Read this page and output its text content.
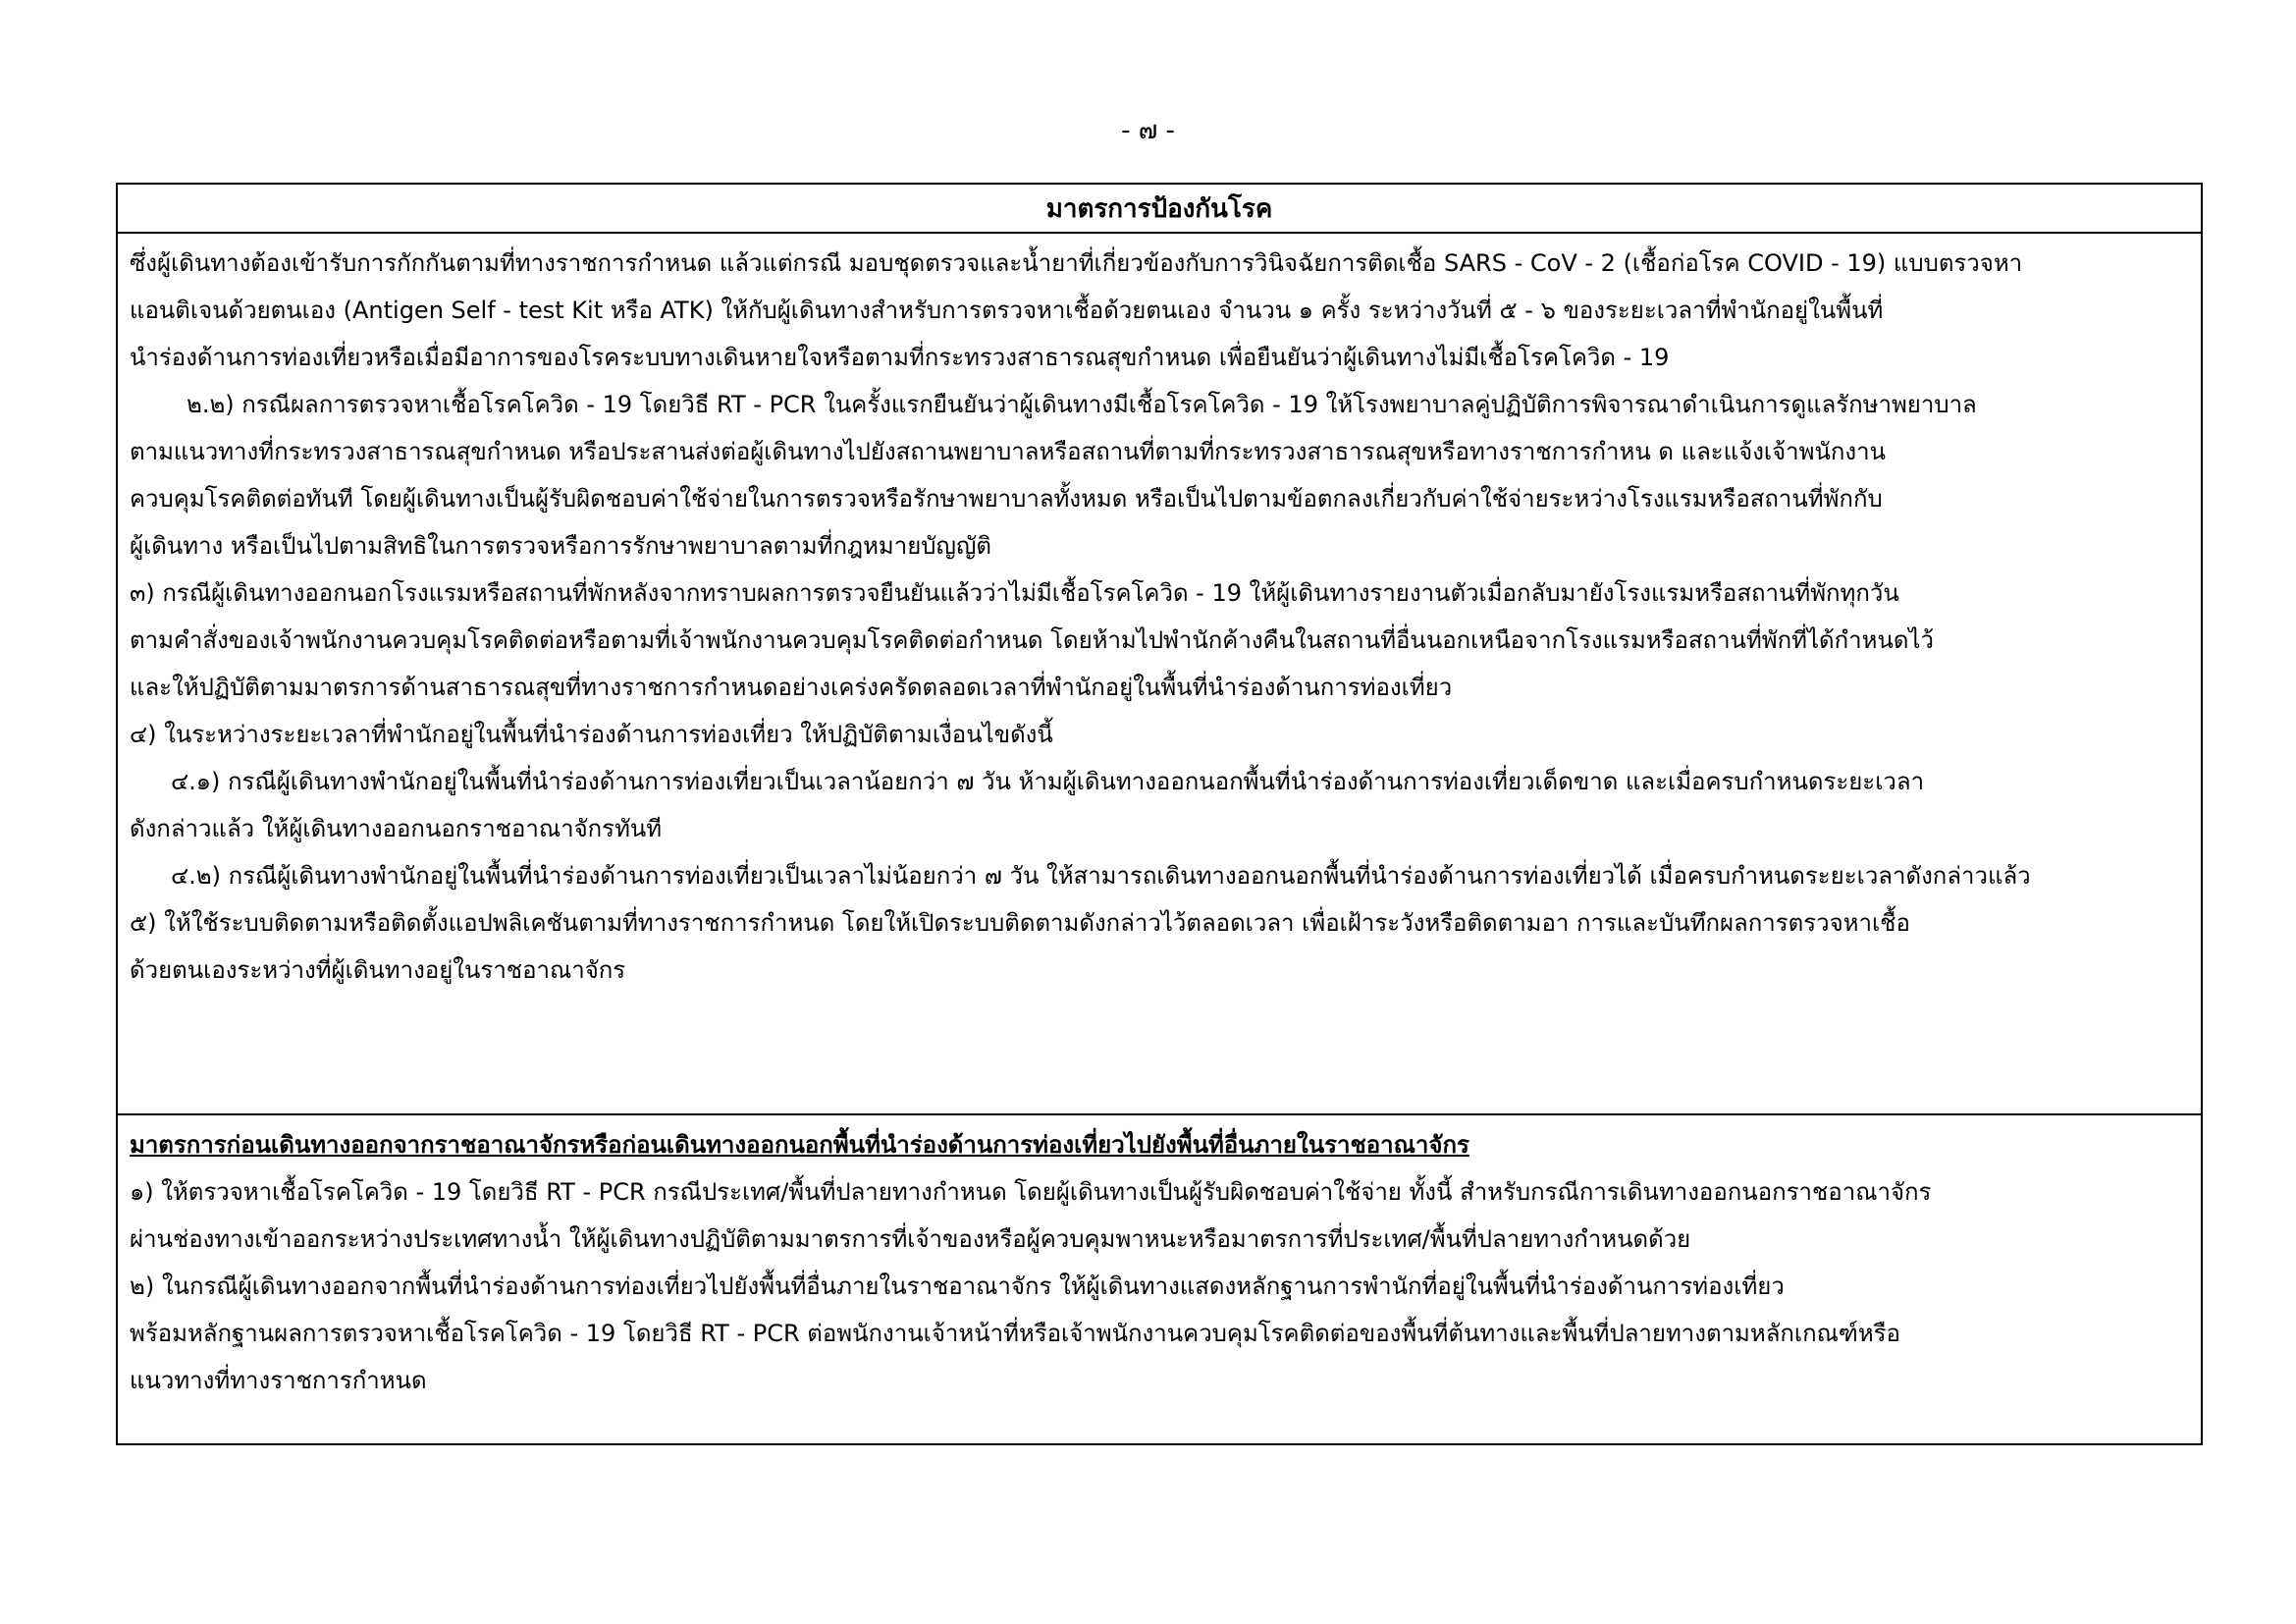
- ๗ -
มาตรการป้องกันโรค
ซึ่งผู้เดินทางต้องเข้ารับการกักกันตามที่ทางราชการกำหนด แล้วแต่กรณี มอบชุดตรวจและน้ำยาที่เกี่ยวข้องกับการวินิจฉัยการติดเชื้อ SARS - CoV - 2 (เชื้อก่อโรค COVID - 19) แบบตรวจหา
แอนติเจนด้วยตนเอง (Antigen Self - test Kit หรือ ATK) ให้กับผู้เดินทางสำหรับการตรวจหาเชื้อด้วยตนเอง จำนวน ๑ ครั้ง ระหว่างวันที่ ๕ - ๖ ของระยะเวลาที่พำนักอยู่ในพื้นที่
นำร่องด้านการท่องเที่ยวหรือเมื่อมีอาการของโรคระบบทางเดินหายใจหรือตามที่กระทรวงสาธารณสุขกำหนด เพื่อยืนยันว่าผู้เดินทางไม่มีเชื้อโรคโควิด - 19
๒.๒) กรณีผลการตรวจหาเชื้อโรคโควิด - 19 โดยวิธี RT - PCR ในครั้งแรกยืนยันว่าผู้เดินทางมีเชื้อโรคโควิด - 19 ให้โรงพยาบาลคู่ปฏิบัติการพิจารณาดำเนินการดูแลรักษาพยาบาล
ตามแนวทางที่กระทรวงสาธารณสุขกำหนด หรือประสานส่งต่อผู้เดินทางไปยังสถานพยาบาลหรือสถานที่ตามที่กระทรวงสาธารณสุขหรือทางราชการกำหน ด และแจ้งเจ้าพนักงาน
ควบคุมโรคติดต่อทันที โดยผู้เดินทางเป็นผู้รับผิดชอบค่าใช้จ่ายในการตรวจหรือรักษาพยาบาลทั้งหมด หรือเป็นไปตามข้อตกลงเกี่ยวกับค่าใช้จ่ายระหว่างโรงแรมหรือสถานที่พักกับ
ผู้เดินทาง หรือเป็นไปตามสิทธิในการตรวจหรือการรักษาพยาบาลตามที่กฎหมายบัญญัติ
๓) กรณีผู้เดินทางออกนอกโรงแรมหรือสถานที่พักหลังจากทราบผลการตรวจยืนยันแล้วว่าไม่มีเชื้อโรคโควิด - 19 ให้ผู้เดินทางรายงานตัวเมื่อกลับมายังโรงแรมหรือสถานที่พักทุกวัน
ตามคำสั่งของเจ้าพนักงานควบคุมโรคติดต่อหรือตามที่เจ้าพนักงานควบคุมโรคติดต่อกำหนด โดยห้ามไปพำนักค้างคืนในสถานที่อื่นนอกเหนือจากโรงแรมหรือสถานที่พักที่ได้กำหนดไว้
และให้ปฏิบัติตามมาตรการด้านสาธารณสุขที่ทางราชการกำหนดอย่างเคร่งครัดตลอดเวลาที่พำนักอยู่ในพื้นที่นำร่องด้านการท่องเที่ยว
๔) ในระหว่างระยะเวลาที่พำนักอยู่ในพื้นที่นำร่องด้านการท่องเที่ยว ให้ปฏิบัติตามเงื่อนไขดังนี้
๔.๑) กรณีผู้เดินทางพำนักอยู่ในพื้นที่นำร่องด้านการท่องเที่ยวเป็นเวลาน้อยกว่า ๗ วัน ห้ามผู้เดินทางออกนอกพื้นที่นำร่องด้านการท่องเที่ยวเด็ดขาด และเมื่อครบกำหนดระยะเวลา
ดังกล่าวแล้ว ให้ผู้เดินทางออกนอกราชอาณาจักรทันที
๔.๒) กรณีผู้เดินทางพำนักอยู่ในพื้นที่นำร่องด้านการท่องเที่ยวเป็นเวลาไม่น้อยกว่า ๗ วัน ให้สามารถเดินทางออกนอกพื้นที่นำร่องด้านการท่องเที่ยวได้ เมื่อครบกำหนดระยะเวลาดังกล่าวแล้ว
๕) ให้ใช้ระบบติดตามหรือติดตั้งแอปพลิเคชันตามที่ทางราชการกำหนด โดยให้เปิดระบบติดตามดังกล่าวไว้ตลอดเวลา เพื่อเฝ้าระวังหรือติดตามอา การและบันทึกผลการตรวจหาเชื้อ
ด้วยตนเองระหว่างที่ผู้เดินทางอยู่ในราชอาณาจักร
มาตรการก่อนเดินทางออกจากราชอาณาจักรหรือก่อนเดินทางออกนอกพื้นที่นำร่องด้านการท่องเที่ยวไปยังพื้นที่อื่นภายในราชอาณาจักร
๑) ให้ตรวจหาเชื้อโรคโควิด - 19 โดยวิธี RT - PCR กรณีประเทศ/พื้นที่ปลายทางกำหนด โดยผู้เดินทางเป็นผู้รับผิดชอบค่าใช้จ่าย ทั้งนี้ สำหรับกรณีการเดินทางออกนอกราชอาณาจักร
ผ่านช่องทางเข้าออกระหว่างประเทศทางน้ำ ให้ผู้เดินทางปฏิบัติตามมาตรการที่เจ้าของหรือผู้ควบคุมพาหนะหรือมาตรการที่ประเทศ/พื้นที่ปลายทางกำหนดด้วย
๒) ในกรณีผู้เดินทางออกจากพื้นที่นำร่องด้านการท่องเที่ยวไปยังพื้นที่อื่นภายในราชอาณาจักร ให้ผู้เดินทางแสดงหลักฐานการพำนักที่อยู่ในพื้นที่นำร่องด้านการท่องเที่ยว
พร้อมหลักฐานผลการตรวจหาเชื้อโรคโควิด - 19 โดยวิธี RT - PCR ต่อพนักงานเจ้าหน้าที่หรือเจ้าพนักงานควบคุมโรคติดต่อของพื้นที่ต้นทางและพื้นที่ปลายทางตามหลักเกณฑ์หรือ
แนวทางที่ทางราชการกำหนด
